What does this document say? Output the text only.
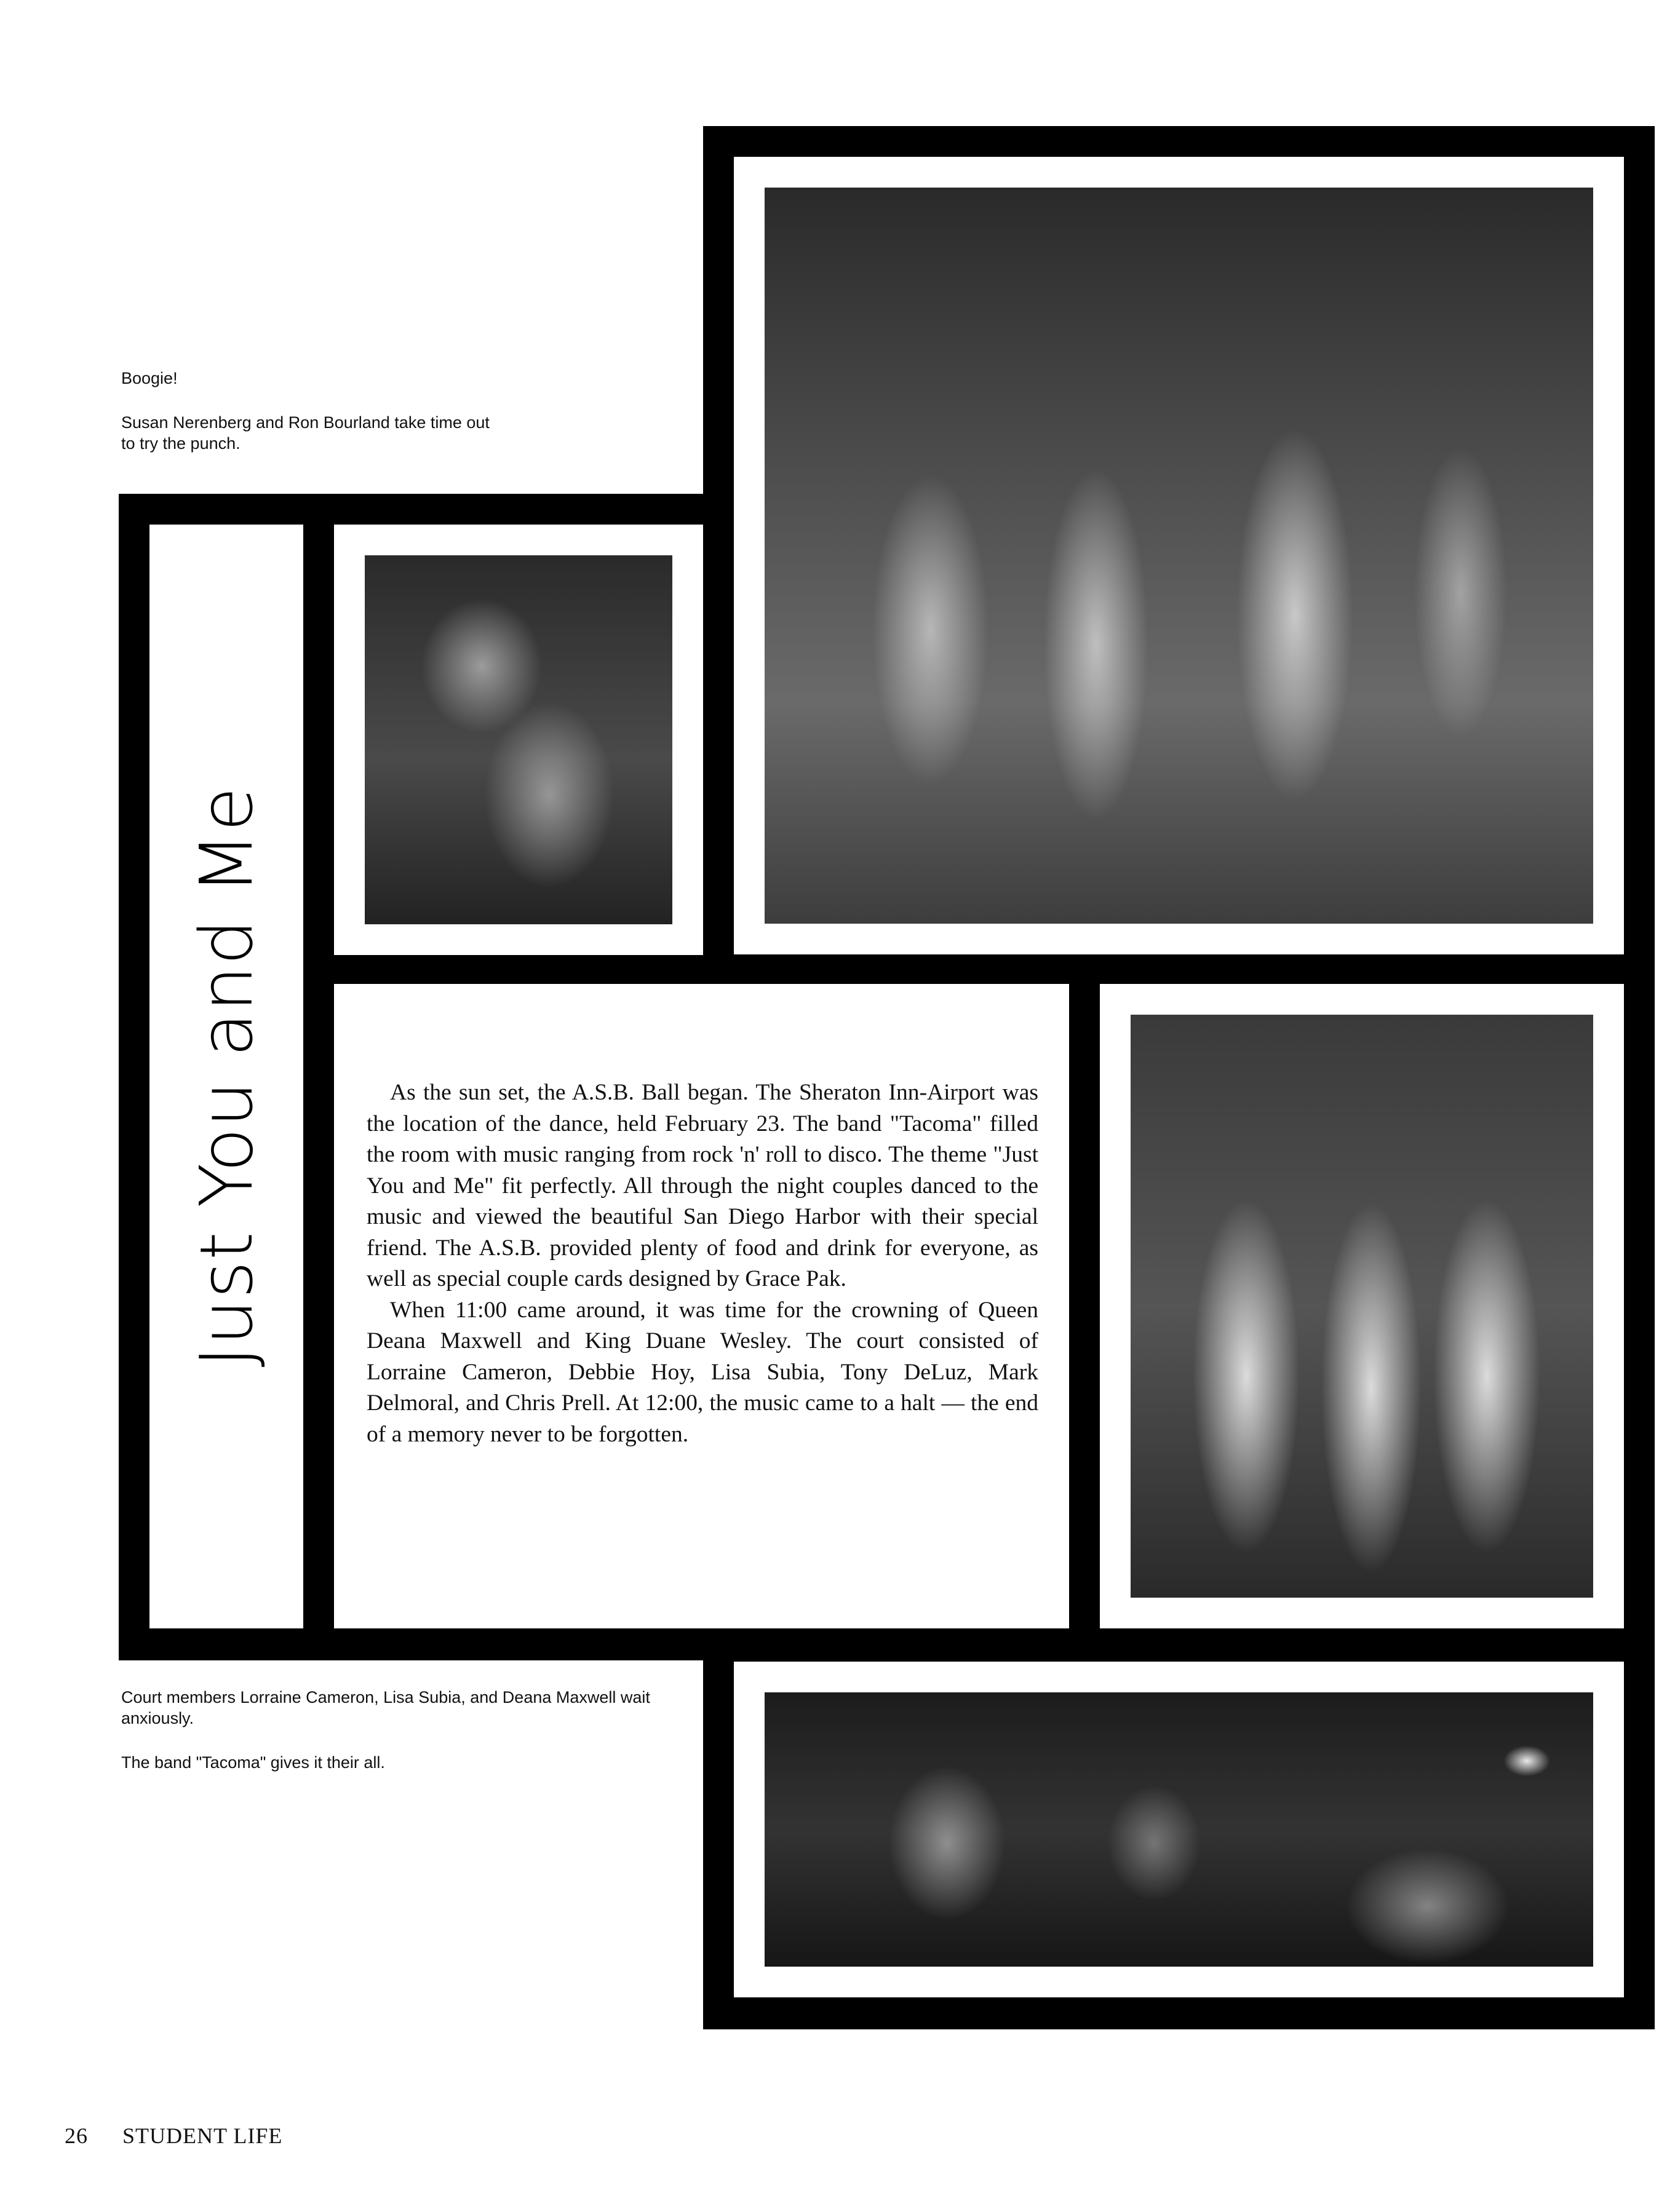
Boogie!

Susan Nerenberg and Ron Bourland take time out to try the punch.

Just You and Me	As the sun set, the A.S.B. Ball began. The Sheraton Inn-Airport was the location of the dance, held February 23. The band "Tacoma" filled the room with music ranging from rock 'n' roll to disco. The theme "Just You and Me" fit perfectly. All through the night couples danced to the music and viewed the beautiful San Diego Harbor with their special friend. The A.S.B. provided plenty of food and drink for everyone, as well as special couple cards designed by Grace Pak.

When 11:00 came around, it was time for the crowning of Queen Deana Maxwell and King Duane Wesley. The court consisted of Lorraine Cameron, Debbie Hoy, Lisa Subia, Tony DeLuz, Mark Delmoral, and Chris Prell. At 12:00, the music came to a halt — the end of a memory never to be forgotten.

Court members Lorraine Cameron, Lisa Subia, and Deana Maxwell wait anxiously.

The band "Tacoma" gives it their all.

26 STUDENT LIFE
